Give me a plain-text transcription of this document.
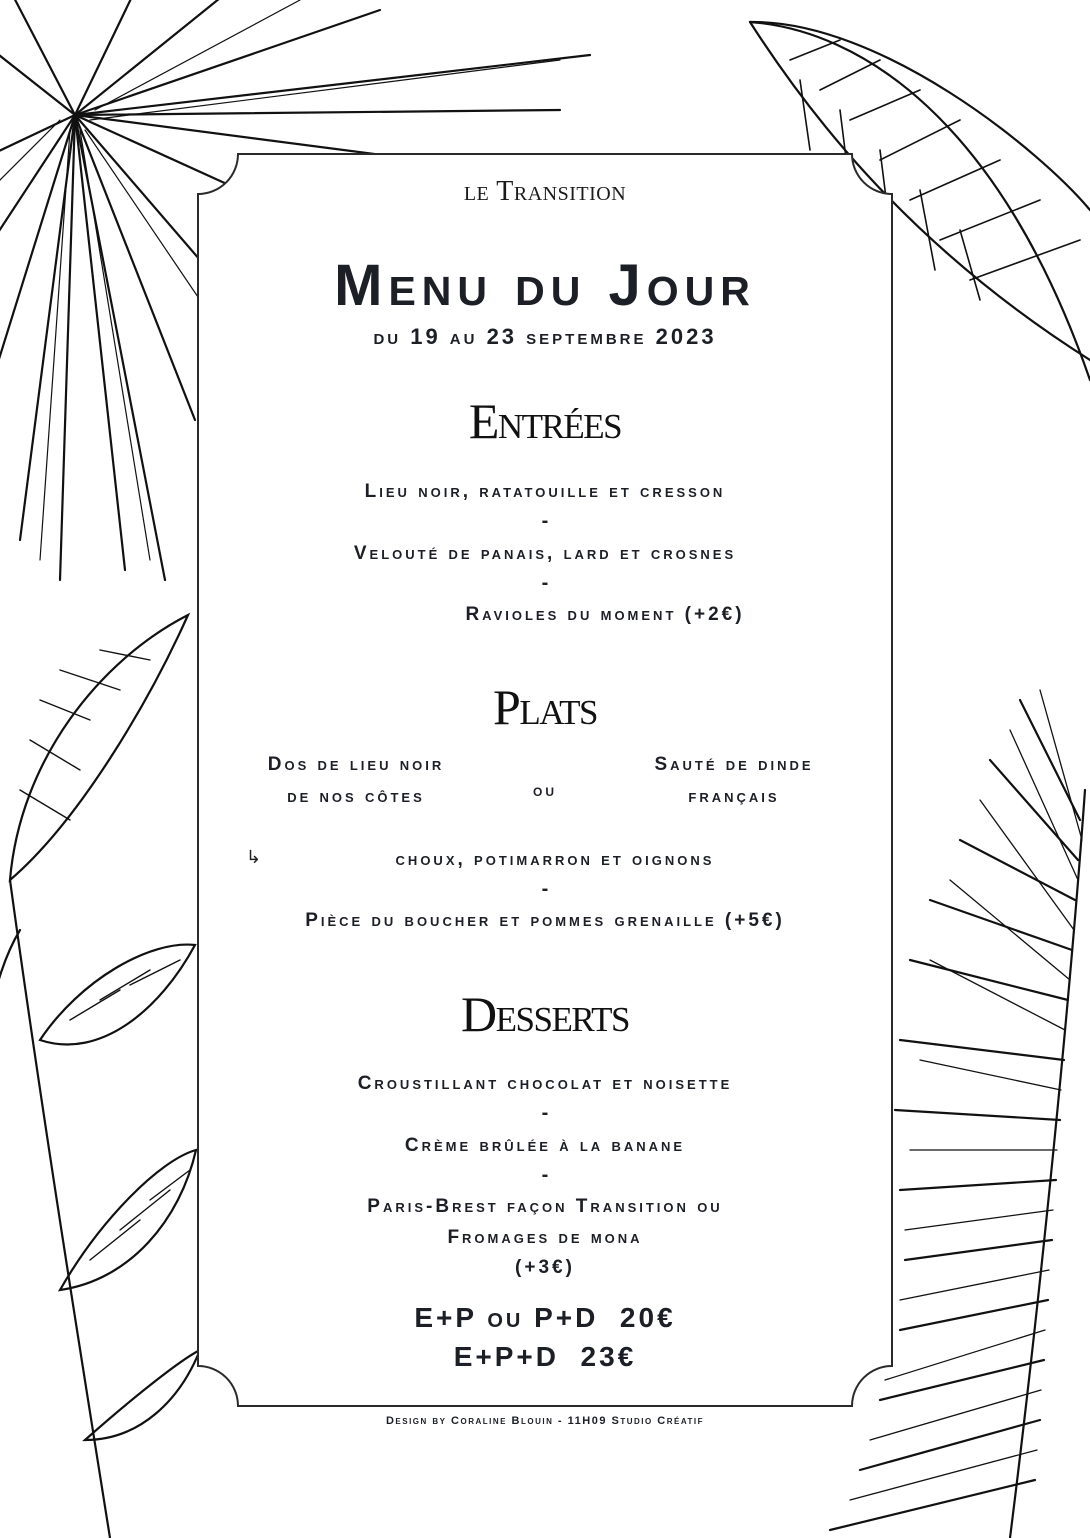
le Transition
Menu du Jour
du 19 au 23 septembre 2023
Entrées
Lieu noir, ratatouille et cresson
-
Velouté de panais, lard et crosnes
-
Ravioles du moment (+2€)
Plats
Dos de lieu noir
de nos côtes	ou
Sauté de dinde
français
↳	choux, potimarron et oignons
-
Pièce du boucher et pommes grenaille (+5€)
Desserts
Croustillant chocolat et noisette
-
Crème brûlée à la banane
-
Paris-Brest façon Transition ou
Fromages de mona
(+3€)
E+P ou P+D  20€
E+P+D  23€
Design by Coraline Blouin - 11H09 Studio Créatif
